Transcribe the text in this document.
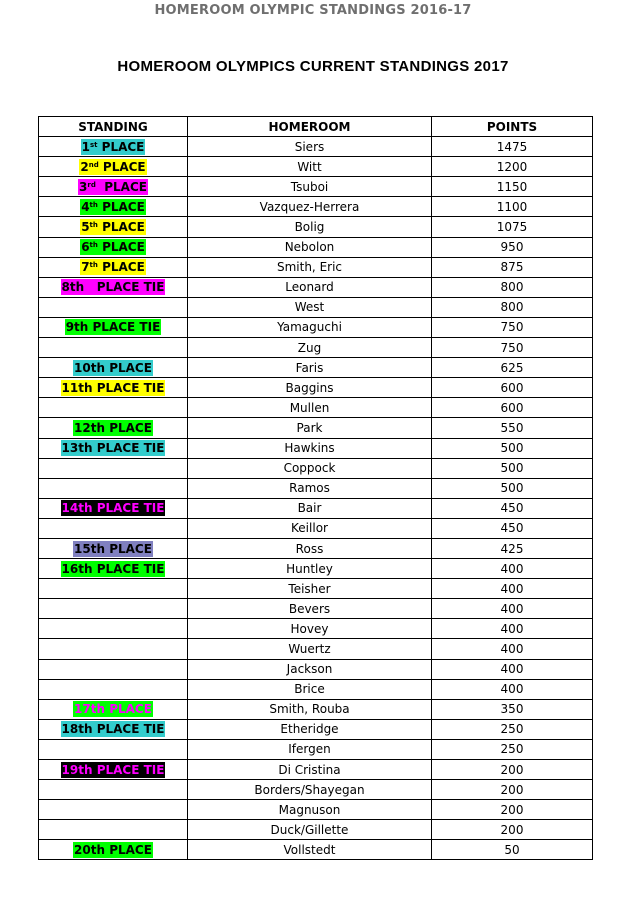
HOMEROOM OLYMPIC STANDINGS 2016-17
HOMEROOM OLYMPICS CURRENT STANDINGS 2017
STANDING	HOMEROOM	POINTS
1st PLACE	Siers	1475
2nd PLACE	Witt	1200
3rd  PLACE	Tsuboi	1150
4th PLACE	Vazquez-Herrera	1100
5th PLACE	Bolig	1075
6th PLACE	Nebolon	950
7th PLACE	Smith, Eric	875
8th   PLACE TIE	Leonard	800
	West	800
9th PLACE TIE	Yamaguchi	750
	Zug	750
10th PLACE	Faris	625
11th PLACE TIE	Baggins	600
	Mullen	600
12th PLACE	Park	550
13th PLACE TIE	Hawkins	500
	Coppock	500
	Ramos	500
14th PLACE TIE	Bair	450
	Keillor	450
15th PLACE	Ross	425
16th PLACE TIE	Huntley	400
	Teisher	400
	Bevers	400
	Hovey	400
	Wuertz	400
	Jackson	400
	Brice	400
17th PLACE	Smith, Rouba	350
18th PLACE TIE	Etheridge	250
	Ifergen	250
19th PLACE TIE	Di Cristina	200
	Borders/Shayegan	200
	Magnuson	200
	Duck/Gillette	200
20th PLACE	Vollstedt	50
